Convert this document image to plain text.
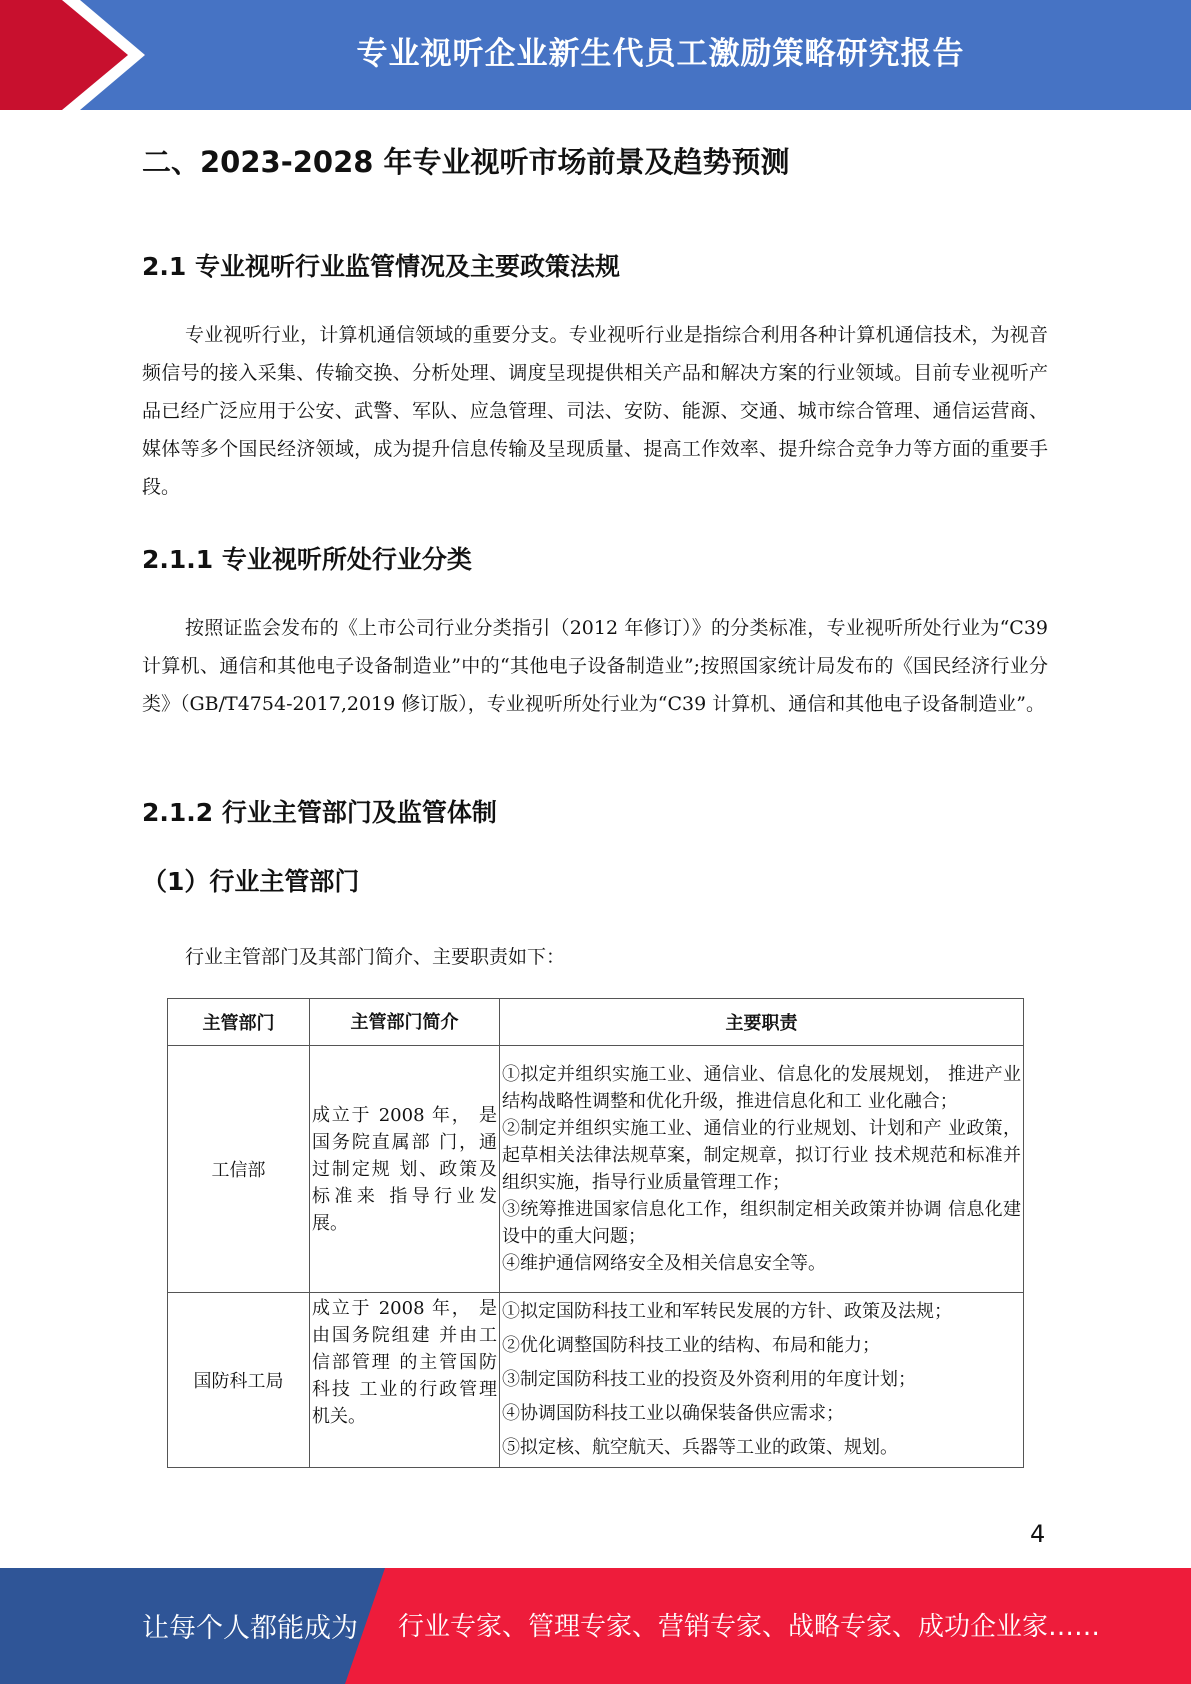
专业视听企业新生代员工激励策略研究报告
二、2023-2028 年专业视听市场前景及趋势预测
2.1 专业视听行业监管情况及主要政策法规

专业视听行业，计算机通信领域的重要分支。专业视听行业是指综合利用各种计算机通信技术，为视音频信号的接入采集、传输交换、分析处理、调度呈现提供相关产品和解决方案的行业领域。目前专业视听产品已经广泛应用于公安、武警、军队、应急管理、司法、安防、能源、交通、城市综合管理、通信运营商、媒体等多个国民经济领域，成为提升信息传输及呈现质量、提高工作效率、提升综合竞争力等方面的重要手段。

2.1.1 专业视听所处行业分类

按照证监会发布的《上市公司行业分类指引（2012 年修订）》的分类标准，专业视听所处行业为“C39 计算机、通信和其他电子设备制造业”中的“其他电子设备制造业”;按照国家统计局发布的《国民经济行业分类》（GB/T4754-2017,2019 修订版），专业视听所处行业为“C39 计算机、通信和其他电子设备制造业”。

2.1.2 行业主管部门及监管体制
（1）行业主管部门

行业主管部门及其部门简介、主要职责如下：

主管部门	主管部门简介	主要职责
工信部	成立于 2008 年， 是国务院直属部 门，通过制定规 划、政策及标准来 指导行业发展。	①拟定并组织实施工业、通信业、信息化的发展规划， 推进产业结构战略性调整和优化升级，推进信息化和工 业化融合；
②制定并组织实施工业、通信业的行业规划、计划和产 业政策，起草相关法律法规草案，制定规章，拟订行业 技术规范和标准并组织实施，指导行业质量管理工作；
③统筹推进国家信息化工作，组织制定相关政策并协调 信息化建设中的重大问题；
④维护通信网络安全及相关信息安全等。

国防科工局	成立于 2008 年， 是由国务院组建 并由工信部管理 的主管国防科技 工业的行政管理 机关。	①拟定国防科技工业和军转民发展的方针、政策及法规；
②优化调整国防科技工业的结构、布局和能力；
③制定国防科技工业的投资及外资利用的年度计划；
④协调国防科技工业以确保装备供应需求；
⑤拟定核、航空航天、兵器等工业的政策、规划。
4
让每个人都能成为 行业专家、管理专家、营销专家、战略专家、成功企业家……
